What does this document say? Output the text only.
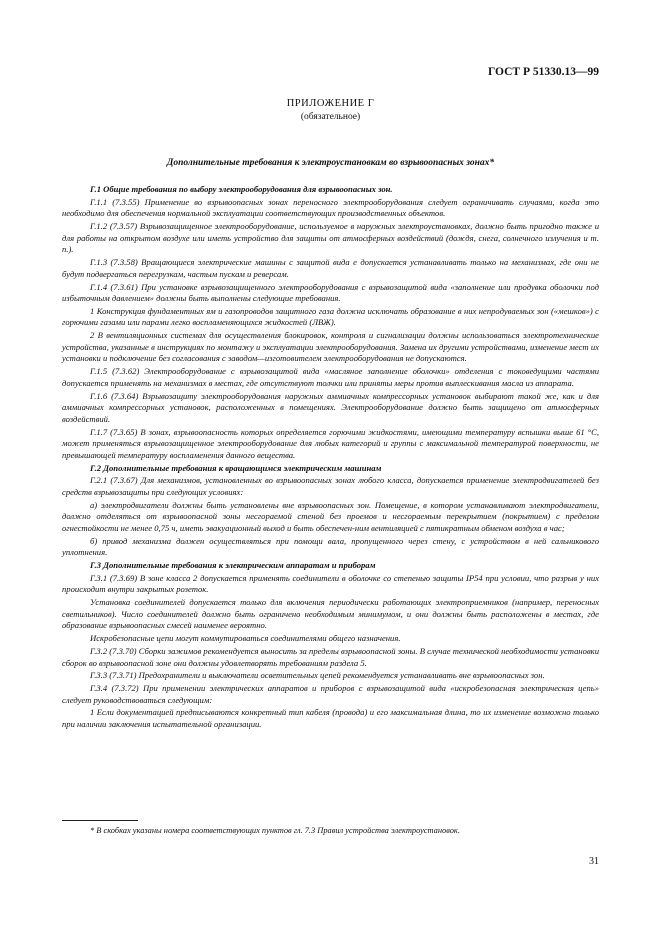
ГОСТ Р 51330.13—99
ПРИЛОЖЕНИЕ Г
(обязательное)
Дополнительные требования к электроустановкам во взрывоопасных зонах*

Г.1 Общие требования по выбору электрооборудования для взрывоопасных зон.

Г.1.1 (7.3.55) Применение во взрывоопасных зонах переносного электрооборудования следует ограничивать случаями, когда это необходимо для обеспечения нормальной эксплуатации соответствующих производственных объектов.

Г.1.2 (7.3.57) Взрывозащищенное электрооборудование, используемое в наружных электроустановках, должно быть пригодно также и для работы на открытом воздухе или иметь устройство для защиты от атмосферных воздействий (дождя, снега, солнечного излучения и т. п.).

Г.1.3 (7.3.58) Вращающиеся электрические машины с защитой вида е допускается устанавливать только на механизмах, где они не будут подвергаться перегрузкам, частым пускам и реверсам.

Г.1.4 (7.3.61) При установке взрывозащищенного электрооборудования с взрывозащитой вида «заполнение или продувка оболочки под избыточным давлением» должны быть выполнены следующие требования.

1 Конструкция фундаментных ям и газопроводов защитного газа должна исключать образование в них непродуваемых зон («мешков») с горючими газами или парами легко воспламеняющихся жидкостей (ЛВЖ).

2 В вентиляционных системах для осуществления блокировок, контроля и сигнализации должны использоваться электротехнические устройства, указанные в инструкциях по монтажу и эксплуатации электрооборудования. Замена их другими устройствами, изменение мест их установки и подключение без согласования с заводом—изготовителем электрооборудования не допускаются.

Г.1.5 (7.3.62) Электрооборудование с взрывозащитой вида «масляное заполнение оболочки» отделения с токоведущими частями допускается применять на механизмах в местах, где отсутствуют толчки или приняты меры против выплескивания масла из аппарата.

Г.1.6 (7.3.64) Взрывозащиту электрооборудования наружных аммиачных компрессорных установок выбирают такой же, как и для аммиачных компрессорных установок, расположенных в помещениях. Электрооборудование должно быть защищено от атмосферных воздействий.

Г.1.7 (7.3.65) В зонах, взрывоопасность которых определяется горючими жидкостями, имеющими температуру вспышки выше 61 °С, может применяться взрывозащищенное электрооборудование для любых категорий и группы с максимальной температурой поверхности, не превышающей температуру воспламенения данного вещества.

Г.2 Дополнительные требования к вращающимся электрическим машинам

Г.2.1 (7.3.67) Для механизмов, установленных во взрывоопасных зонах любого класса, допускается применение электродвигателей без средств взрывозащиты при следующих условиях:

а) электродвигатели должны быть установлены вне взрывоопасных зон. Помещение, в котором устанавливают электродвигатели, должно отделяться от взрывоопасной зоны несгораемой стеной без проемов и несгораемым перекрытием (покрытием) с пределом огнестойкости не менее 0,75 ч, иметь эвакуационный выход и быть обеспечен-ним вентиляцией с пятикратным обменом воздуха в час;

б) привод механизма должен осуществляться при помощи вала, пропущенного через стену, с устройством в ней сальникового уплотнения.

Г.3 Дополнительные требования к электрическим аппаратам и приборам

Г.3.1 (7.3.69) В зоне класса 2 допускается применять соединители в оболочке со степенью защиты IP54 при условии, что разрыв у них происходит внутри закрытых розеток.

Установка соединителей допускается только для включения периодически работающих электроприемников (например, переносных светильников). Число соединителей должно быть ограничено необходимым минимумом, и они должны быть расположены в местах, где образование взрывоопасных смесей наименее вероятно.

Искробезопасные цепи могут коммутироваться соединителями общего назначения.

Г.3.2 (7.3.70) Сборки зажимов рекомендуется выносить за пределы взрывоопасной зоны. В случае технической необходимости установки сборок во взрывоопасной зоне они должны удовлетворять требованиям раздела 5.

Г.3.3 (7.3.71) Предохранители и выключатели осветительных цепей рекомендуется устанавливать вне взрывоопасных зон.

Г.3.4 (7.3.72) При применении электрических аппаратов и приборов с взрывозащитой вида «искробезопасная электрическая цепь» следует руководствоваться следующим:

1 Если документацией предписываются конкретный тип кабеля (провода) и его максимальная длина, то их изменение возможно только при наличии заключения испытательной организации.

* В скобках указаны номера соответствующих пунктов гл. 7.3 Правил устройства электроустановок.
31
